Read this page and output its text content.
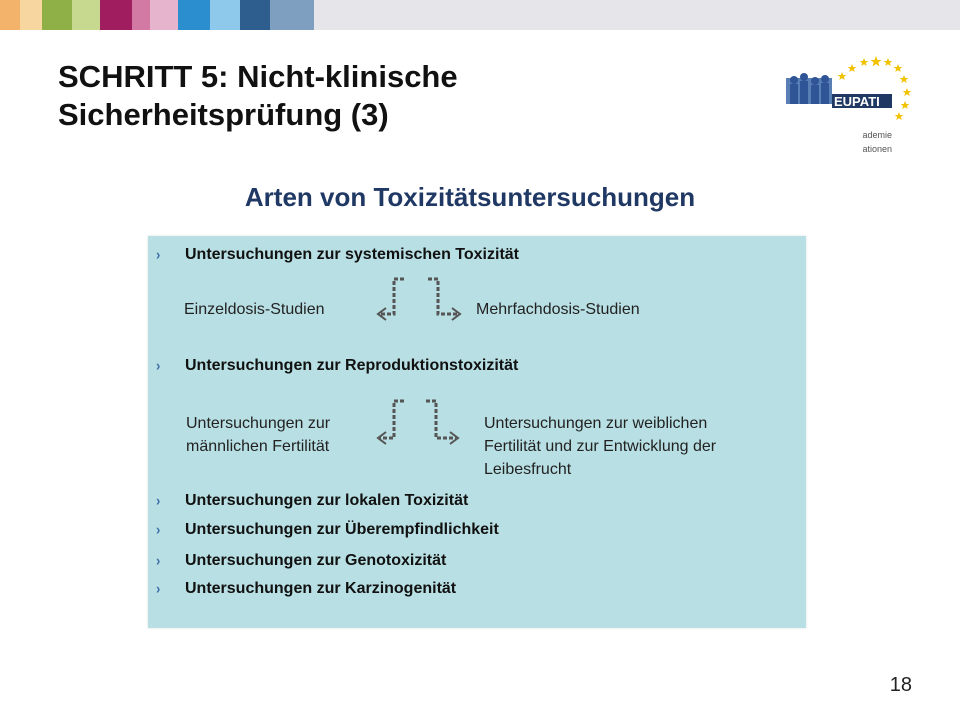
SCHRITT 5: Nicht-klinische
Sicherheitsprüfung (3)	EUPATI
ademie
ationen
Arten von Toxizitätsuntersuchungen
› Untersuchungen zur systemischen Toxizität
Einzeldosis-Studien	Mehrfachdosis-Studien
› Untersuchungen zur Reproduktionstoxizität
Untersuchungen zur
männlichen Fertilität
Untersuchungen zur weiblichen
Fertilität und zur Entwicklung der
Leibesfrucht
› Untersuchungen zur lokalen Toxizität
› Untersuchungen zur Überempfindlichkeit
› Untersuchungen zur Genotoxizität
› Untersuchungen zur Karzinogenität
18
